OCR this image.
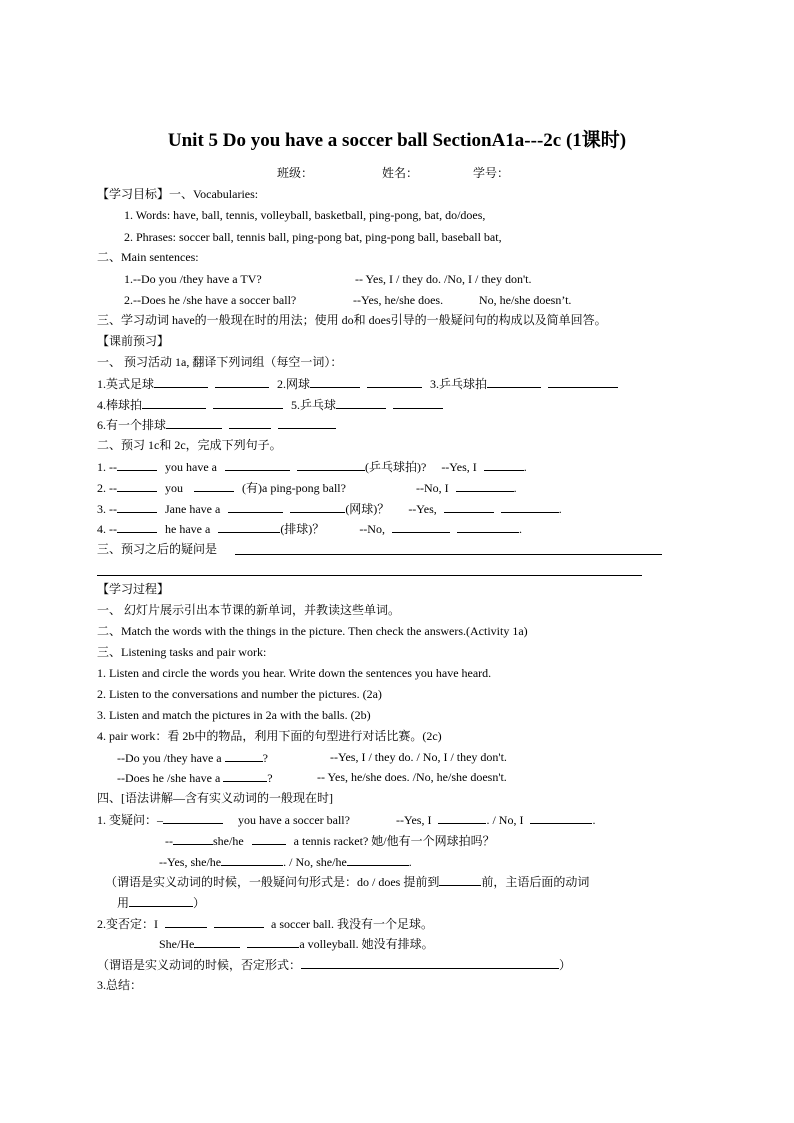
Unit 5 Do you have a soccer ball SectionA1a---2c (1课时)
班级：	姓名：	学号：
【学习目标】一、Vocabularies:
1. Words: have, ball, tennis, volleyball, basketball, ping-pong, bat, do/does,
2. Phrases: soccer ball, tennis ball, ping-pong bat, ping-pong ball, baseball bat,
二、Main sentences:
1.--Do you /they have a TV?	-- Yes, I / they do. /No, I / they don't.
2.--Does he /she have a soccer ball?	--Yes, he/she does.	No, he/she doesn’t.
三、学习动词 have的一般现在时的用法；使用 do和 does引导的一般疑问句的构成以及简单回答。
【课前预习】
一、 预习活动 1a, 翻译下列词组（每空一词）：
1.英式足球	2.网球	3.乒乓球拍
4.棒球拍	5.乒乓球
6.有一个排球
二、预习 1c和 2c，完成下列句子。
1. --	you have a	(乒乓球拍)? --Yes, I	.
2. --	you	(有)a ping-pong ball?	--No, I	.
3. --	Jane have a	(网球)？ --Yes,	.
4. --	he have a	(排球)？	--No,	.
三、预习之后的疑问是
【学习过程】
一、 幻灯片展示引出本节课的新单词，并教读这些单词。
二、Match the words with the things in the picture. Then check the answers.(Activity 1a)
三、Listening tasks and pair work:
1. Listen and circle the words you hear. Write down the sentences you have heard.
2. Listen to the conversations and number the pictures. (2a)
3. Listen and match the pictures in 2a with the balls. (2b)
4. pair work：看 2b中的物品，利用下面的句型进行对话比赛。(2c)
--Do you /they have a	?	--Yes, I / they do. / No, I / they don't.
--Does he /she have a	?	-- Yes, he/she does. /No, he/she doesn't.
四、[语法讲解—含有实义动词的一般现在时]
1. 变疑问：–	you have a soccer ball?	--Yes, I	. / No, I	.
--	she/he	a tennis racket? 她/他有一个网球拍吗？
--Yes, she/he	. / No, she/he	.
（谓语是实义动词的时候，一般疑问句形式是：do / does 提前到	前，主语后面的动词
用	）
2.变否定：I	a soccer ball. 我没有一个足球。
She/He	a volleyball. 她没有排球。
（谓语是实义动词的时候，否定形式：	）
3.总结：
